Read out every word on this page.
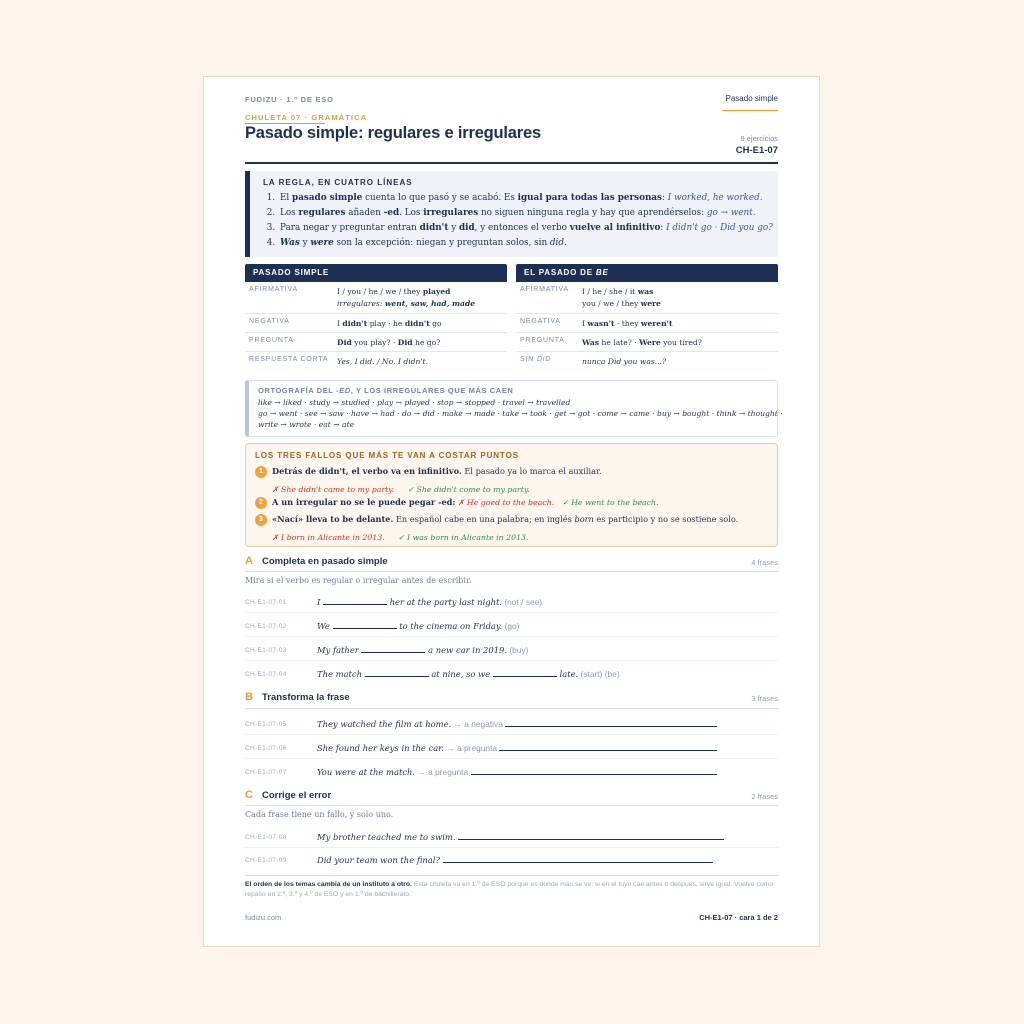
FUDIZU · 1.º DE ESO	Pasado simple
CHULETA 07 · GRAMÁTICA
Pasado simple: regulares e irregulares	9 ejercicios
CH-E1-07
LA REGLA, EN CUATRO LÍNEAS
1. El pasado simple cuenta lo que pasó y se acabó. Es igual para todas las personas: I worked, he worked.
2. Los regulares añaden -ed. Los irregulares no siguen ninguna regla y hay que aprendérselos: go → went.
3. Para negar y preguntar entran didn't y did, y entonces el verbo vuelve al infinitivo: I didn't go · Did you go?
4. Was y were son la excepción: niegan y preguntan solos, sin did.
PASADO SIMPLE
AFIRMATIVA	I / you / he / we / they played
irregulares: went, saw, had, made
NEGATIVA	I didn't play · he didn't go
PREGUNTA	Did you play? · Did he go?
RESPUESTA CORTA Yes, I did. / No, I didn't.
EL PASADO DE BE
AFIRMATIVA I / he / she / it was
you / we / they were
NEGATIVA	I wasn't · they weren't
PREGUNTA Was he late? · Were you tired?
SIN DID	nunca Did you was...?
ORTOGRAFÍA DEL -ED, Y LOS IRREGULARES QUE MÁS CAEN
like → liked · study → studied · play → played · stop → stopped · travel → travelled
go → went · see → saw · have → had · do → did · make → made · take → took · get → got · come → came · buy → bought · think → thought ·
write → wrote · eat → ate
LOS TRES FALLOS QUE MÁS TE VAN A COSTAR PUNTOS
1	Detrás de didn't, el verbo va en infinitivo. El pasado ya lo marca el auxiliar.
✗ She didn't came to my party. ✓ She didn't come to my party.
2	A un irregular no se le puede pegar -ed: ✗ He goed to the beach. ✓ He went to the beach.
3	«Nací» lleva to be delante. En español cabe en una palabra; en inglés born es participio y no se sostiene solo.
✗ I born in Alicante in 2013. ✓ I was born in Alicante in 2013.
A Completa en pasado simple	4 frases
Mira si el verbo es regular o irregular antes de escribir.
CH-E1-07-01	I	her at the party last night. (not / see)
CH-E1-07-02	We	to the cinema on Friday. (go)
CH-E1-07-03	My father	a new car in 2019. (buy)
CH-E1-07-04	The match	at nine, so we	late. (start) (be)
B Transforma la frase	3 frases
CH-E1-07-05	They watched the film at home. → a negativa
CH-E1-07-06	She found her keys in the car. → a pregunta
CH-E1-07-07	You were at the match. → a pregunta
C Corrige el error	2 frases
Cada frase tiene un fallo, y solo uno.
CH-E1-07-08	My brother teached me to swim.
CH-E1-07-09	Did your team won the final?
El orden de los temas cambia de un instituto a otro. Esta chuleta va en 1.º de ESO porque es donde más se ve; si en el tuyo cae antes o después, sirve igual. Vuelve como repaso en 2.º, 3.º y 4.º de ESO y en 1.º de bachillerato.
fudizu.com	CH-E1-07 · cara 1 de 2
